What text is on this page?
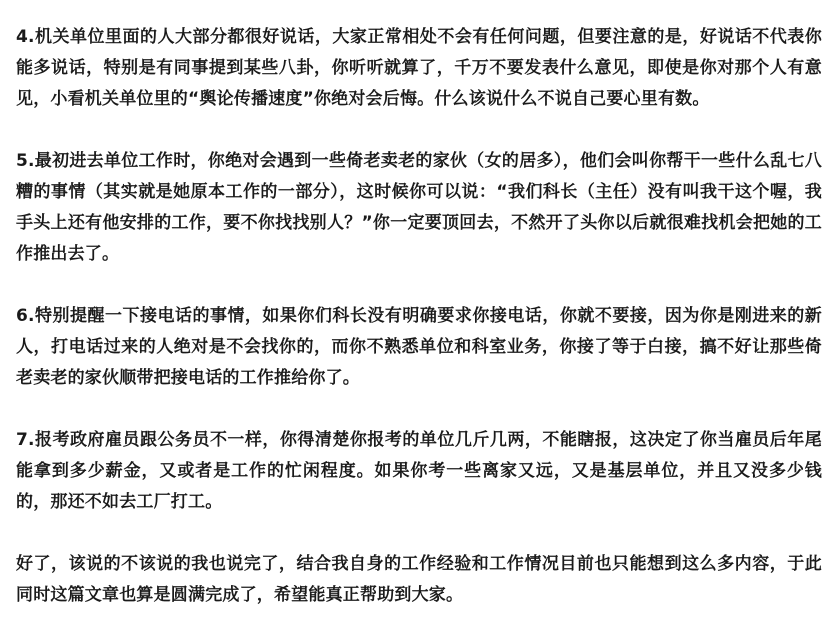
4.机关单位里面的人大部分都很好说话，大家正常相处不会有任何问题，但要注意的是，好说话不代表你能多说话，特别是有同事提到某些八卦，你听听就算了，千万不要发表什么意见，即使是你对那个人有意见，小看机关单位里的“舆论传播速度”你绝对会后悔。什么该说什么不说自己要心里有数。

5.最初进去单位工作时，你绝对会遇到一些倚老卖老的家伙（女的居多），他们会叫你帮干一些什么乱七八糟的事情（其实就是她原本工作的一部分），这时候你可以说：“我们科长（主任）没有叫我干这个喔，我手头上还有他安排的工作，要不你找找别人？”你一定要顶回去，不然开了头你以后就很难找机会把她的工作推出去了。

6.特别提醒一下接电话的事情，如果你们科长没有明确要求你接电话，你就不要接，因为你是刚进来的新人，打电话过来的人绝对是不会找你的，而你不熟悉单位和科室业务，你接了等于白接，搞不好让那些倚老卖老的家伙顺带把接电话的工作推给你了。

7.报考政府雇员跟公务员不一样，你得清楚你报考的单位几斤几两，不能瞎报，这决定了你当雇员后年尾能拿到多少薪金，又或者是工作的忙闲程度。如果你考一些离家又远，又是基层单位，并且又没多少钱的，那还不如去工厂打工。

好了，该说的不该说的我也说完了，结合我自身的工作经验和工作情况目前也只能想到这么多内容，于此同时这篇文章也算是圆满完成了，希望能真正帮助到大家。
